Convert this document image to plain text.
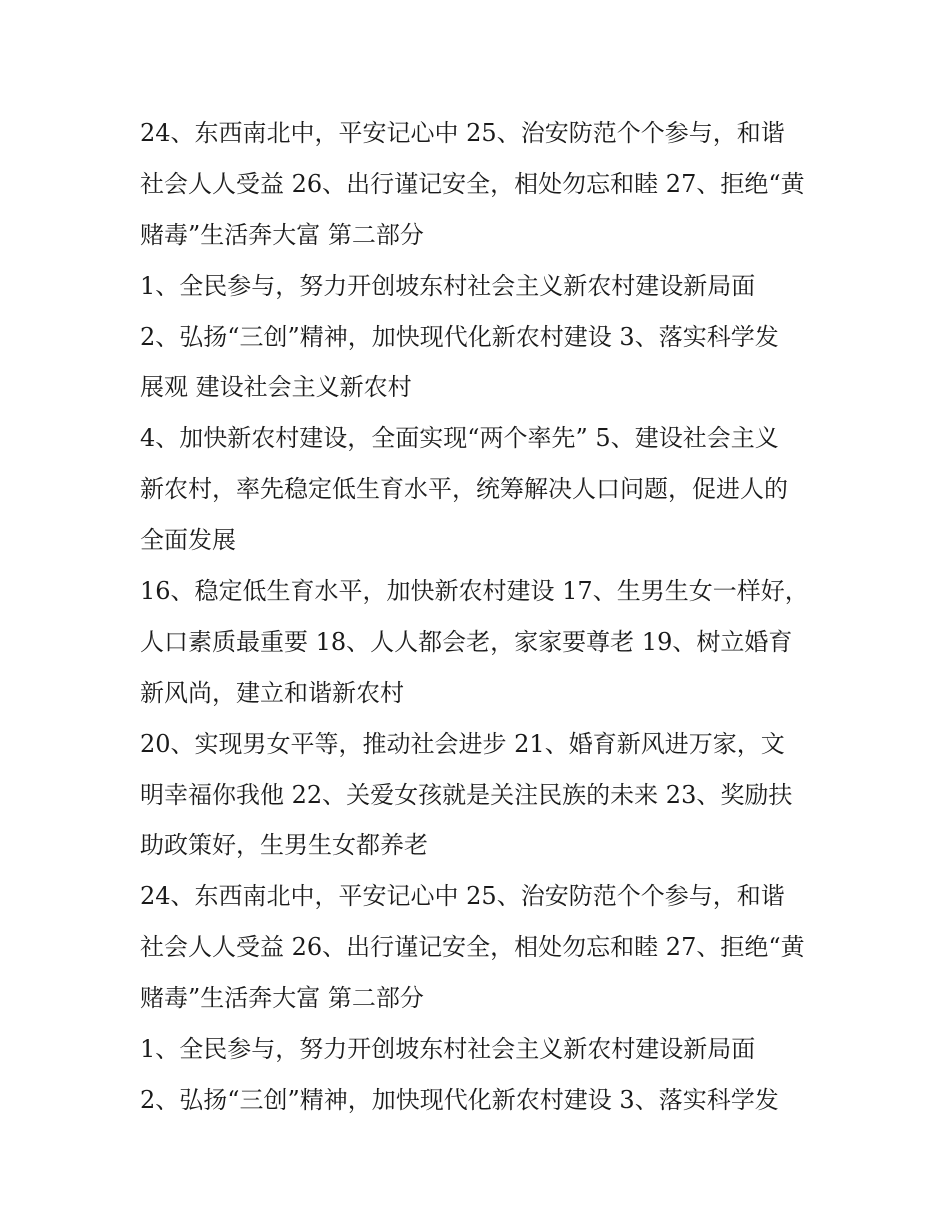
24、东西南北中，平安记心中 25、治安防范个个参与，和谐
社会人人受益 26、出行谨记安全，相处勿忘和睦 27、拒绝“黄
赌毒”生活奔大富 第二部分
1、全民参与，努力开创坡东村社会主义新农村建设新局面
2、弘扬“三创”精神，加快现代化新农村建设 3、落实科学发
展观 建设社会主义新农村
4、加快新农村建设，全面实现“两个率先” 5、建设社会主义
新农村，率先稳定低生育水平，统筹解决人口问题，促进人的
全面发展
16、稳定低生育水平，加快新农村建设 17、生男生女一样好，
人口素质最重要 18、人人都会老，家家要尊老 19、树立婚育
新风尚，建立和谐新农村
20、实现男女平等，推动社会进步 21、婚育新风进万家，文
明幸福你我他 22、关爱女孩就是关注民族的未来 23、奖励扶
助政策好，生男生女都养老
24、东西南北中，平安记心中 25、治安防范个个参与，和谐
社会人人受益 26、出行谨记安全，相处勿忘和睦 27、拒绝“黄
赌毒”生活奔大富 第二部分
1、全民参与，努力开创坡东村社会主义新农村建设新局面
2、弘扬“三创”精神，加快现代化新农村建设 3、落实科学发
